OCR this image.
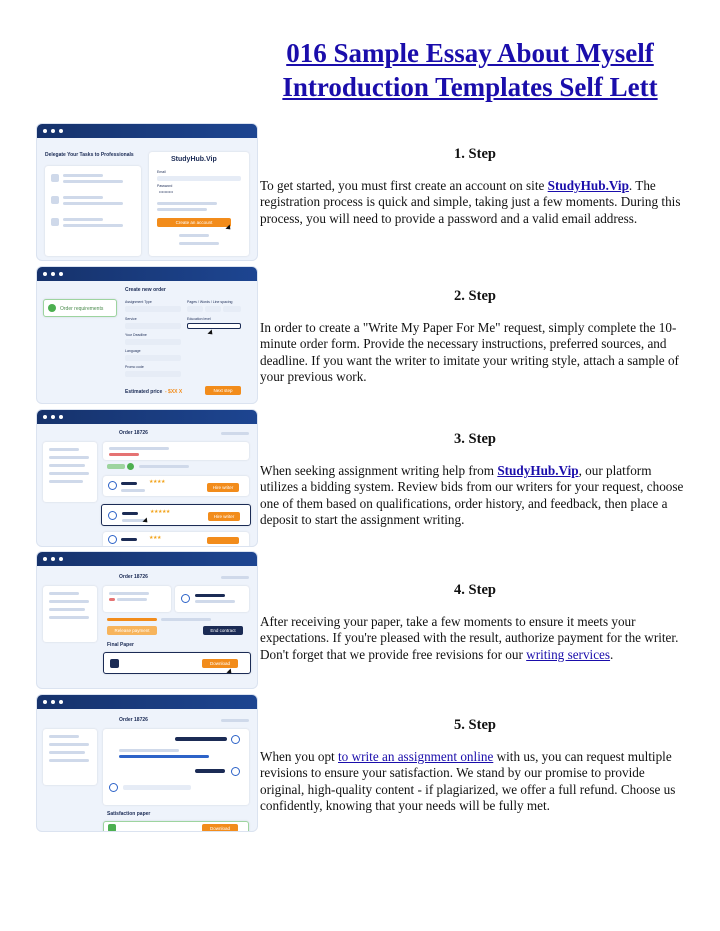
016 Sample Essay About Myself Introduction Templates Self Lett
Delegate Your Tasks to Professionals
StudyHub.Vip
Email
Password
••••••••••
Create an account
Create new order
Order requirements
Assignment Type	Pages / Words / Line spacing
Service	Education level
Your Deadline
Language
Promo code
Estimated price - $XX X	Next step
Order 18726
★★★★
Hire writer
★★★★★
Hire writer
★★★
Order 18726
Release payment	End contract
Final Paper
Download
Order 18726
Satisfaction paper
Download
1. Step

To get started, you must first create an account on site StudyHub.Vip. The registration process is quick and simple, taking just a few moments. During this process, you will need to provide a password and a valid email address.

2. Step

In order to create a "Write My Paper For Me" request, simply complete the 10-minute order form. Provide the necessary instructions, preferred sources, and deadline. If you want the writer to imitate your writing style, attach a sample of your previous work.

3. Step

When seeking assignment writing help from StudyHub.Vip, our platform utilizes a bidding system. Review bids from our writers for your request, choose one of them based on qualifications, order history, and feedback, then place a deposit to start the assignment writing.

4. Step

After receiving your paper, take a few moments to ensure it meets your expectations. If you're pleased with the result, authorize payment for the writer. Don't forget that we provide free revisions for our writing services.

5. Step

When you opt to write an assignment online with us, you can request multiple revisions to ensure your satisfaction. We stand by our promise to provide original, high-quality content - if plagiarized, we offer a full refund. Choose us confidently, knowing that your needs will be fully met.
